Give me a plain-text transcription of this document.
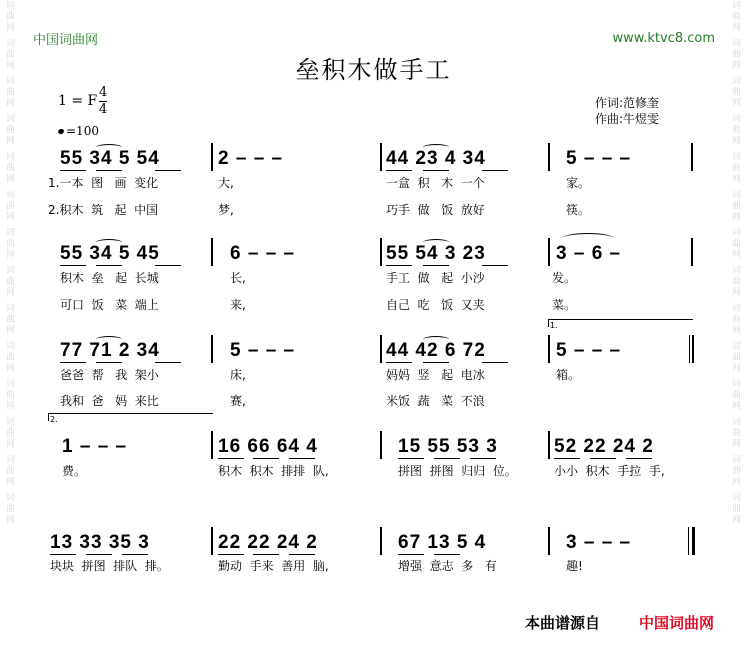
词曲网 词曲网 词曲网 词曲网 词曲网 词曲网 词曲网 词曲网 词曲网 词曲网 词曲网 词曲网 词曲网 词曲网
词曲网 词曲网 词曲网 词曲网 词曲网 词曲网 词曲网 词曲网 词曲网 词曲网 词曲网 词曲网 词曲网 词曲网
中国词曲网	www.ktvc8.com
垒积木做手工
1 = F
4
4
=100
作词:范修奎
作曲:牛煜雯
55 34 5 54	2 – – –	44 23 4 34	5 – – –
1.一本  图   画  变化	大,	一盒  积   木  一个	家。
2.积木  筑   起  中国	梦,	巧手  做   饭  放好	筷。
55 34 5 45	6 – – –	55 54 3 23	3 – 6 –
积木  垒   起  长城	长,	手工  做   起  小沙	发。
可口  饭   菜  端上	来,	自己  吃   饭  又夹	菜。
1.
77 71 2 34	5 – – –	44 42 6 72	5 – – –
爸爸  帮   我  架小	床,	妈妈  竖   起  电冰	箱。
我和  爸   妈  来比	赛,	米饭  蔬   菜  不浪
2.
1 – – –	16 66 64 4	15 55 53 3	52 22 24 2
费。	积木  积木  排排  队,	拼图  拼图  归归  位。	小小  积木  手拉  手,
13 33 35 3	22 22 24 2	67 13 5 4	3 – – –
块块  拼图  排队  排。	勤动  手来  善用  脑,	增强  意志  多   有	趣!
本曲谱源自	中国词曲网
